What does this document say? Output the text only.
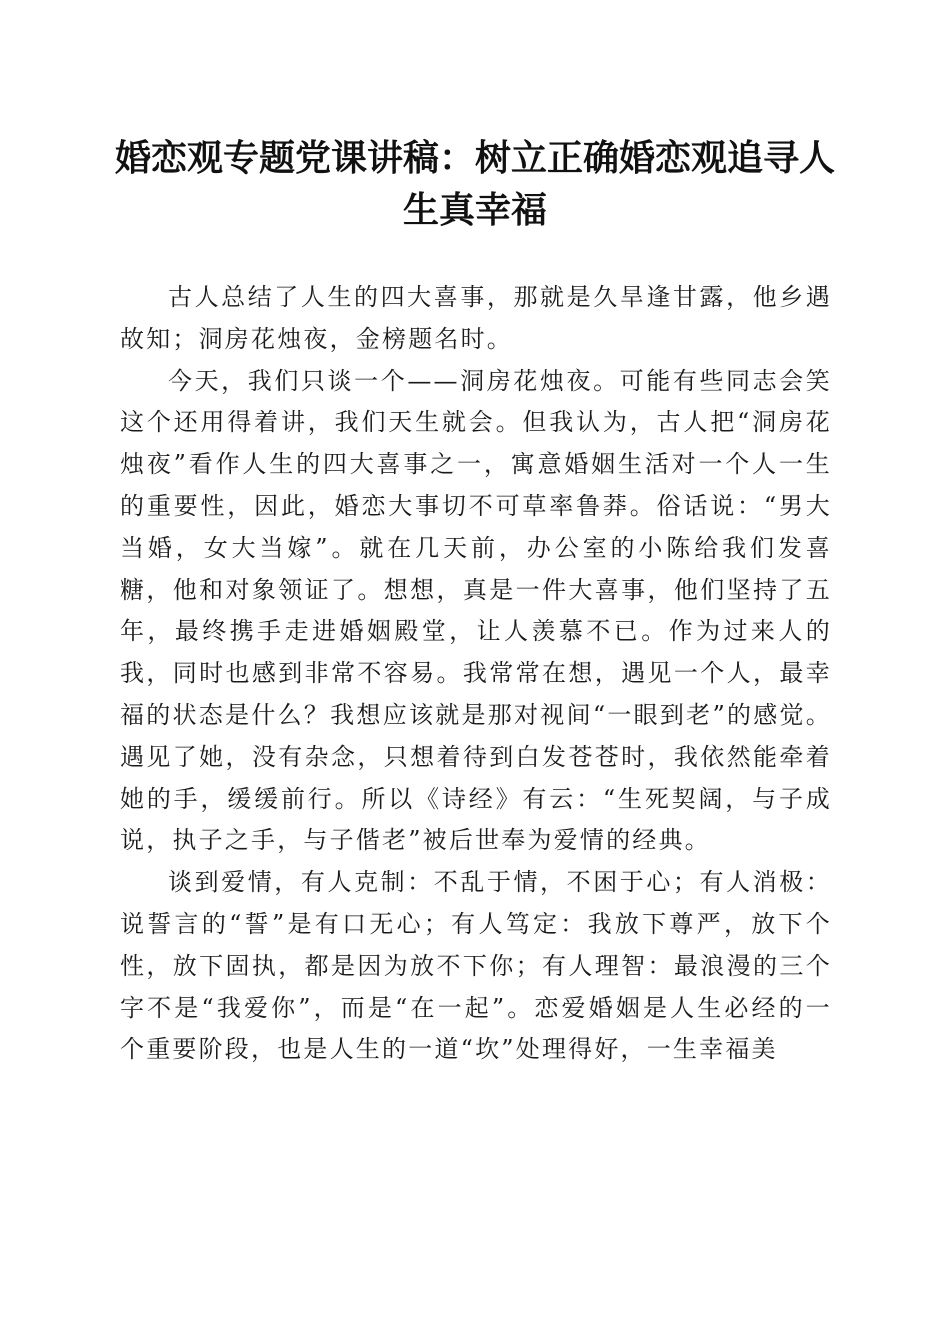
婚恋观专题党课讲稿：树立正确婚恋观追寻人生真幸福

古人总结了人生的四大喜事，那就是久旱逢甘露，他乡遇故知；洞房花烛夜，金榜题名时。

今天，我们只谈一个——洞房花烛夜。可能有些同志会笑这个还用得着讲，我们天生就会。但我认为，古人把“洞房花烛夜”看作人生的四大喜事之一，寓意婚姻生活对一个人一生的重要性，因此，婚恋大事切不可草率鲁莽。俗话说：“男大当婚，女大当嫁”。就在几天前，办公室的小陈给我们发喜糖，他和对象领证了。想想，真是一件大喜事，他们坚持了五年，最终携手走进婚姻殿堂，让人羡慕不已。作为过来人的我，同时也感到非常不容易。我常常在想，遇见一个人，最幸福的状态是什么？我想应该就是那对视间“一眼到老”的感觉。遇见了她，没有杂念，只想着待到白发苍苍时，我依然能牵着她的手，缓缓前行。所以《诗经》有云：“生死契阔，与子成说，执子之手，与子偕老”被后世奉为爱情的经典。

谈到爱情，有人克制：不乱于情，不困于心；有人消极：说誓言的“誓”是有口无心；有人笃定：我放下尊严，放下个性，放下固执，都是因为放不下你；有人理智：最浪漫的三个字不是“我爱你”，而是“在一起”。恋爱婚姻是人生必经的一个重要阶段，也是人生的一道“坎”处理得好，一生幸福美
